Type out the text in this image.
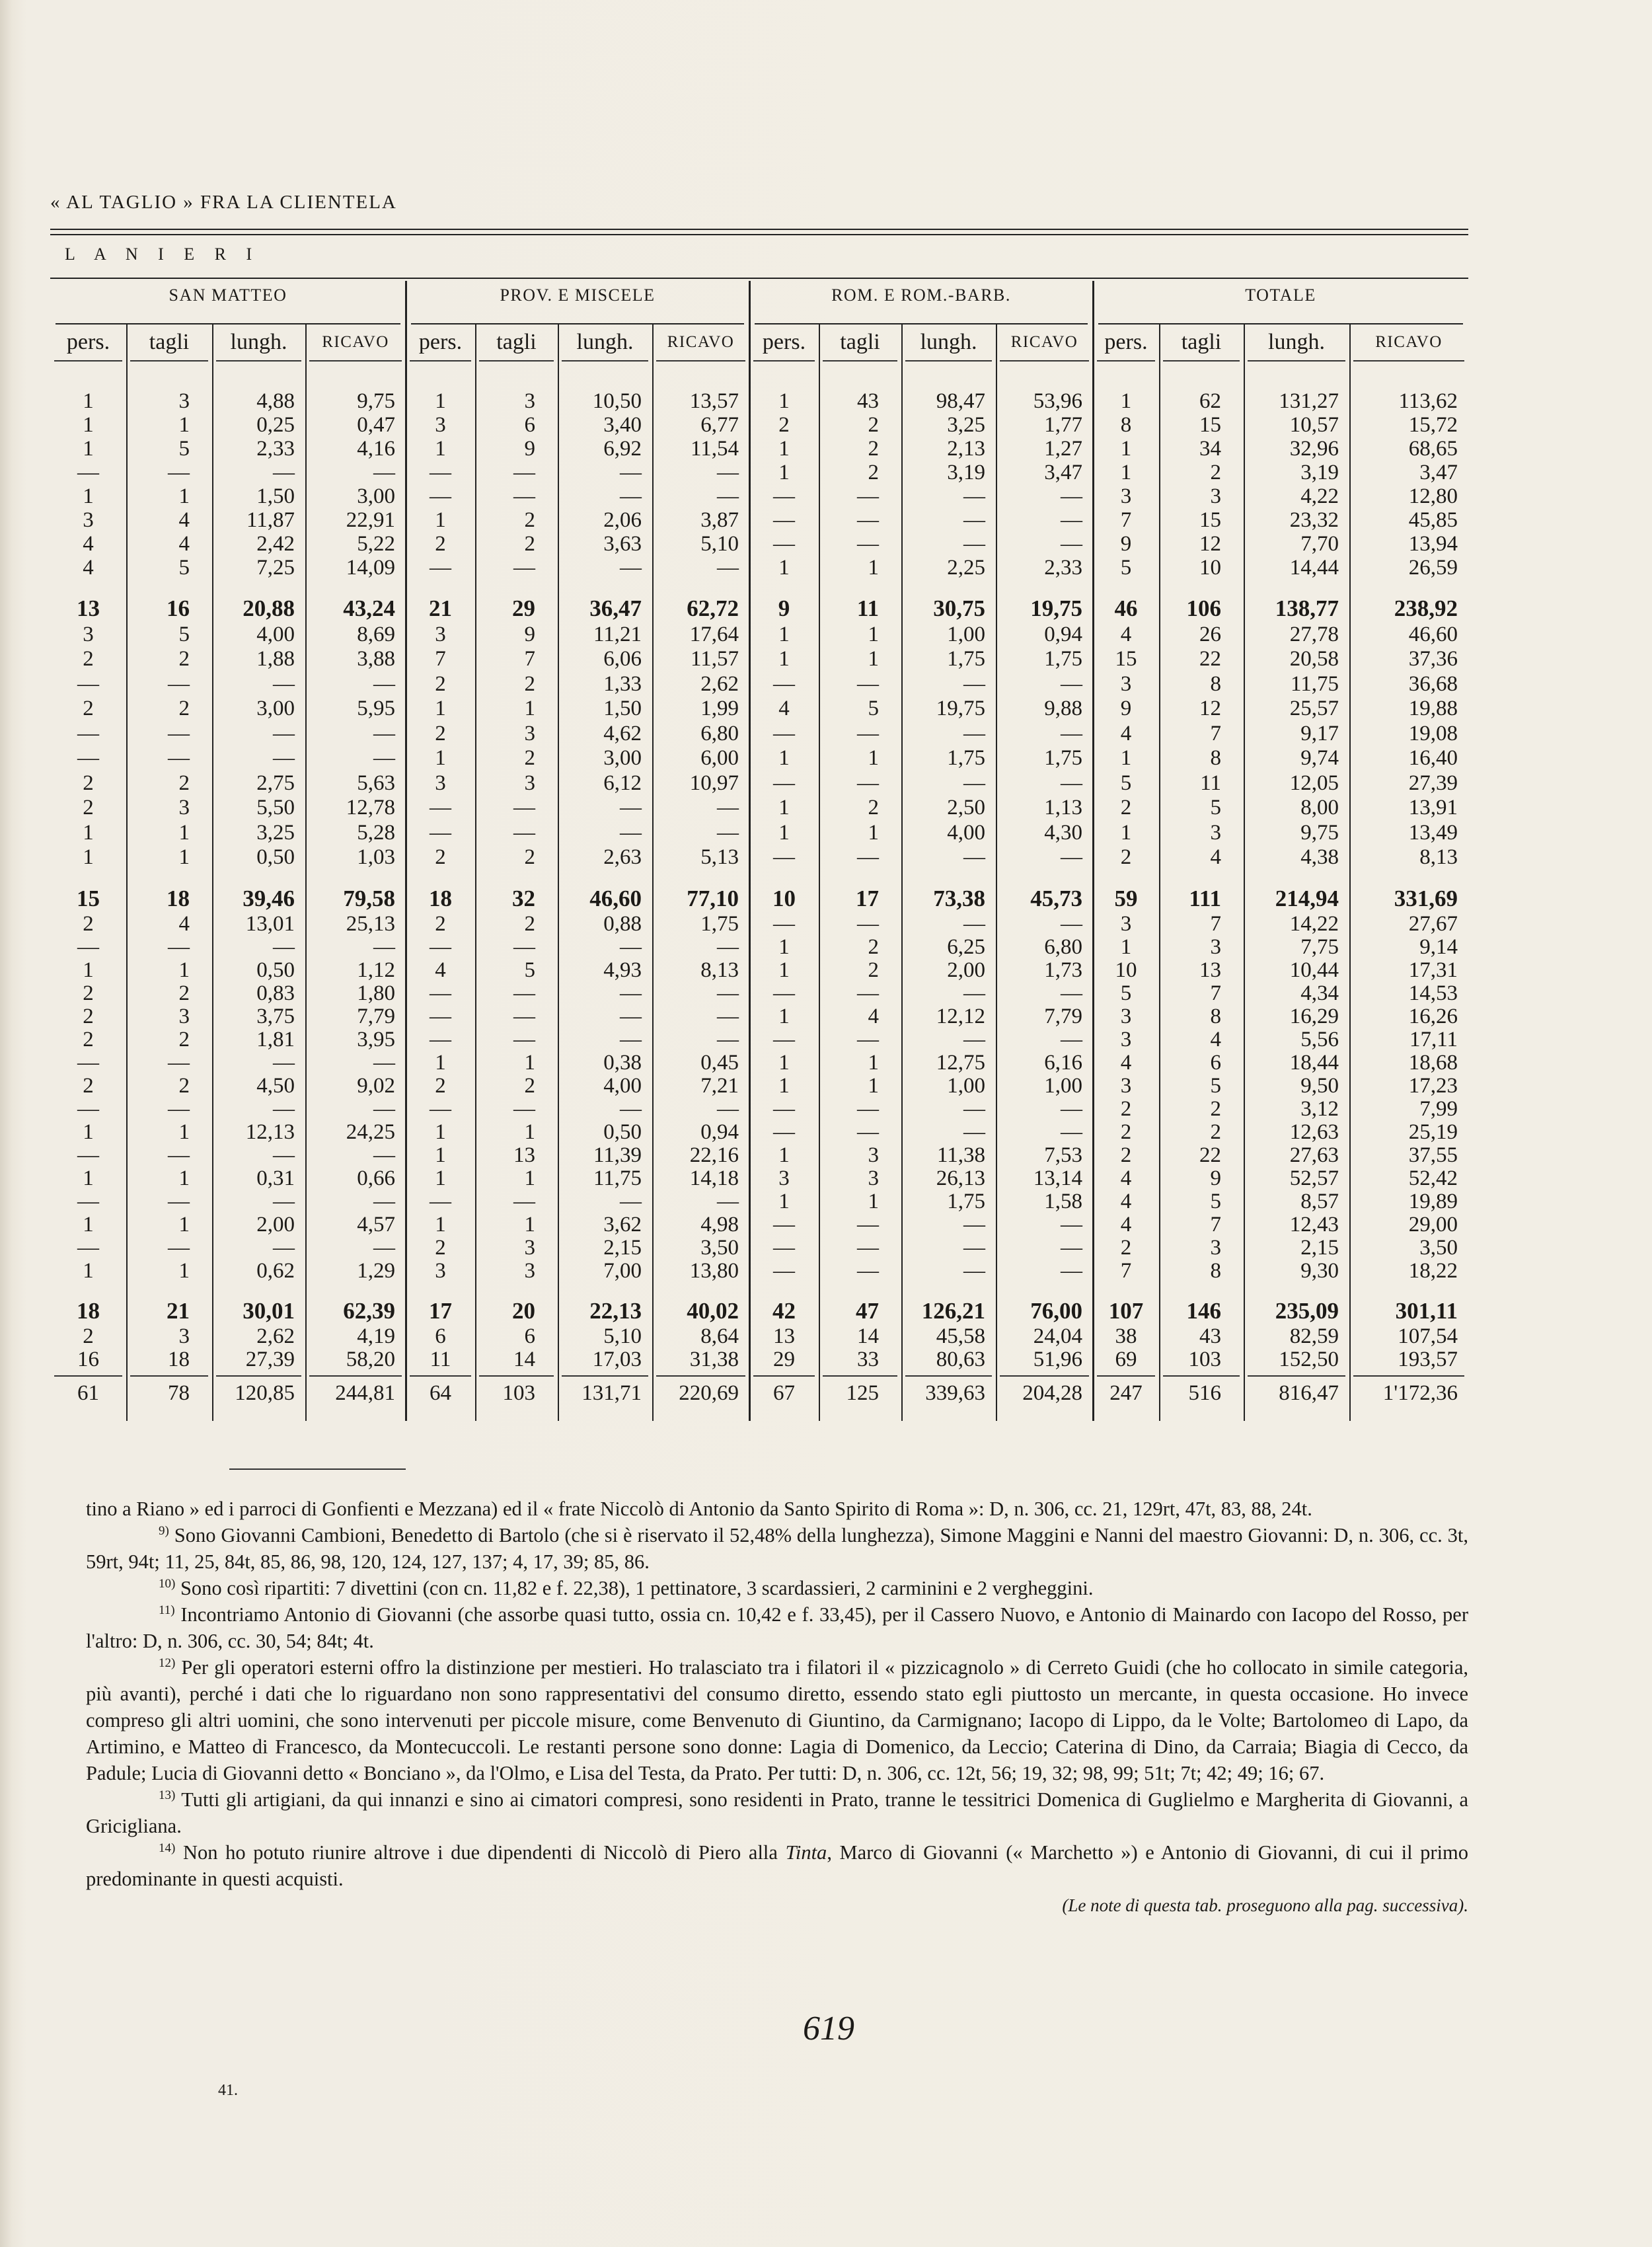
« AL TAGLIO » FRA LA CLIENTELA
L A N I E R I
SAN MATTEO
pers.	tagli	lungh.	RICAVO
PROV. E MISCELE
pers.	tagli	lungh.	RICAVO
ROM. E ROM.-BARB.
pers.	tagli	lungh.	RICAVO
TOTALE
pers.	tagli	lungh.	RICAVO
1	3	4,88	9,75	1	3	10,50	13,57	1	43	98,47	53,96	1	62	131,27	113,62
1	1	0,25	0,47	3	6	3,40	6,77	2	2	3,25	1,77	8	15	10,57	15,72
1	5	2,33	4,16	1	9	6,92	11,54	1	2	2,13	1,27	1	34	32,96	68,65
—	—	—	—	—	—	—	—	1	2	3,19	3,47	1	2	3,19	3,47
1	1	1,50	3,00	—	—	—	—	—	—	—	—	3	3	4,22	12,80
3	4	11,87	22,91	1	2	2,06	3,87	—	—	—	—	7	15	23,32	45,85
4	4	2,42	5,22	2	2	3,63	5,10	—	—	—	—	9	12	7,70	13,94
4	5	7,25	14,09	—	—	—	—	1	1	2,25	2,33	5	10	14,44	26,59
13	16	20,88	43,24	21	29	36,47	62,72	9	11	30,75	19,75	46	106	138,77	238,92
3	5	4,00	8,69	3	9	11,21	17,64	1	1	1,00	0,94	4	26	27,78	46,60
2	2	1,88	3,88	7	7	6,06	11,57	1	1	1,75	1,75	15	22	20,58	37,36
—	—	—	—	2	2	1,33	2,62	—	—	—	—	3	8	11,75	36,68
2	2	3,00	5,95	1	1	1,50	1,99	4	5	19,75	9,88	9	12	25,57	19,88
—	—	—	—	2	3	4,62	6,80	—	—	—	—	4	7	9,17	19,08
—	—	—	—	1	2	3,00	6,00	1	1	1,75	1,75	1	8	9,74	16,40
2	2	2,75	5,63	3	3	6,12	10,97	—	—	—	—	5	11	12,05	27,39
2	3	5,50	12,78	—	—	—	—	1	2	2,50	1,13	2	5	8,00	13,91
1	1	3,25	5,28	—	—	—	—	1	1	4,00	4,30	1	3	9,75	13,49
1	1	0,50	1,03	2	2	2,63	5,13	—	—	—	—	2	4	4,38	8,13
15	18	39,46	79,58	18	32	46,60	77,10	10	17	73,38	45,73	59	111	214,94	331,69
2	4	13,01	25,13	2	2	0,88	1,75	—	—	—	—	3	7	14,22	27,67
—	—	—	—	—	—	—	—	1	2	6,25	6,80	1	3	7,75	9,14
1	1	0,50	1,12	4	5	4,93	8,13	1	2	2,00	1,73	10	13	10,44	17,31
2	2	0,83	1,80	—	—	—	—	—	—	—	—	5	7	4,34	14,53
2	3	3,75	7,79	—	—	—	—	1	4	12,12	7,79	3	8	16,29	16,26
2	2	1,81	3,95	—	—	—	—	—	—	—	—	3	4	5,56	17,11
—	—	—	—	1	1	0,38	0,45	1	1	12,75	6,16	4	6	18,44	18,68
2	2	4,50	9,02	2	2	4,00	7,21	1	1	1,00	1,00	3	5	9,50	17,23
—	—	—	—	—	—	—	—	—	—	—	—	2	2	3,12	7,99
1	1	12,13	24,25	1	1	0,50	0,94	—	—	—	—	2	2	12,63	25,19
—	—	—	—	1	13	11,39	22,16	1	3	11,38	7,53	2	22	27,63	37,55
1	1	0,31	0,66	1	1	11,75	14,18	3	3	26,13	13,14	4	9	52,57	52,42
—	—	—	—	—	—	—	—	1	1	1,75	1,58	4	5	8,57	19,89
1	1	2,00	4,57	1	1	3,62	4,98	—	—	—	—	4	7	12,43	29,00
—	—	—	—	2	3	2,15	3,50	—	—	—	—	2	3	2,15	3,50
1	1	0,62	1,29	3	3	7,00	13,80	—	—	—	—	7	8	9,30	18,22
18	21	30,01	62,39	17	20	22,13	40,02	42	47	126,21	76,00	107	146	235,09	301,11
2	3	2,62	4,19	6	6	5,10	8,64	13	14	45,58	24,04	38	43	82,59	107,54
16	18	27,39	58,20	11	14	17,03	31,38	29	33	80,63	51,96	69	103	152,50	193,57
61	78	120,85	244,81	64	103	131,71	220,69	67	125	339,63	204,28	247	516	816,47	1'172,36

tino a Riano » ed i parroci di Gonfienti e Mezzana) ed il « frate Niccolò di Antonio da Santo Spirito di Roma »: D, n. 306, cc. 21, 129rt, 47t, 83, 88, 24t.

$^9$ ) Sono Giovanni Cambioni, Benedetto di Bartolo (che si è riservato il 52,48% della lunghezza), Simone Maggini e Nanni del maestro Giovanni: D, n. 306, cc. 3t, 59rt, 94t; 11, 25, 84t, 85, 86, 98, 120, 124, 127, 137; 4, 17, 39; 85, 86.

$^{10}$ ) Sono così ripartiti: 7 divettini (con cn. 11,82 e f. 22,38), 1 pettinatore, 3 scardassieri, 2 carminini e 2 vergheggini.

$^{11}$ ) Incontriamo Antonio di Giovanni (che assorbe quasi tutto, ossia cn. 10,42 e f. 33,45), per il Cassero Nuovo, e Antonio di Mainardo con Iacopo del Rosso, per l'altro: D, n. 306, cc. 30, 54; 84t; 4t.

$^{12}$ ) Per gli operatori esterni offro la distinzione per mestieri. Ho tralasciato tra i filatori il « pizzicagnolo » di Cerreto Guidi (che ho collocato in simile categoria, più avanti), perché i dati che lo riguardano non sono rappresentativi del consumo diretto, essendo stato egli piuttosto un mercante, in questa occasione. Ho invece compreso gli altri uomini, che sono intervenuti per piccole misure, come Benvenuto di Giuntino, da Carmignano; Iacopo di Lippo, da le Volte; Bartolomeo di Lapo, da Artimino, e Matteo di Francesco, da Montecuccoli. Le restanti persone sono donne: Lagia di Domenico, da Leccio; Caterina di Dino, da Carraia; Biagia di Cecco, da Padule; Lucia di Giovanni detto « Bonciano », da l'Olmo, e Lisa del Testa, da Prato. Per tutti: D, n. 306, cc. 12t, 56; 19, 32; 98, 99; 51t; 7t; 42; 49; 16; 67.

$^{13}$ ) Tutti gli artigiani, da qui innanzi e sino ai cimatori compresi, sono residenti in Prato, tranne le tessitrici Domenica di Guglielmo e Margherita di Giovanni, a Gricigliana.

$^{14}$ ) Non ho potuto riunire altrove i due dipendenti di Niccolò di Piero alla Tinta, Marco di Giovanni (« Marchetto ») e Antonio di Giovanni, di cui il primo predominante in questi acquisti.

(Le note di questa tab. proseguono alla pag. successiva).

619
41.
